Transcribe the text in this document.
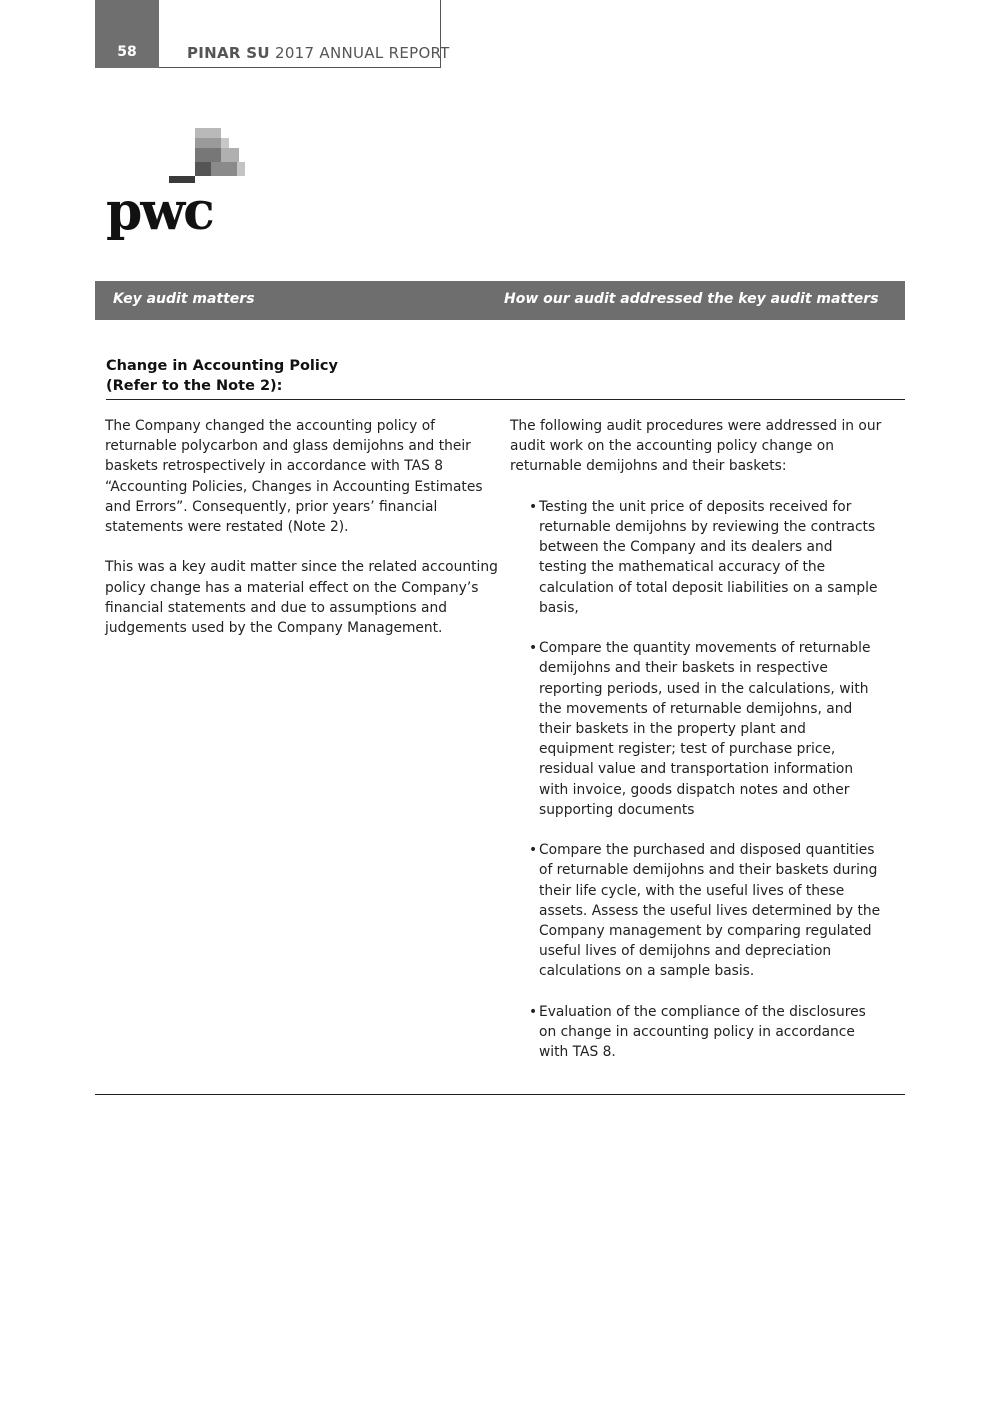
58	PINAR SU 2017 ANNUAL REPORT
pwc
Key audit matters	How our audit addressed the key audit matters
Change in Accounting Policy
(Refer to the Note 2):

The Company changed the accounting policy of returnable polycarbon and glass demijohns and their baskets retrospectively in accordance with TAS 8 “Accounting Policies, Changes in Accounting Estimates and Errors”. Consequently, prior years’ financial statements were restated (Note 2).

This was a key audit matter since the related accounting policy change has a material effect on the Company’s financial statements and due to assumptions and judgements used by the Company Management.

The following audit procedures were addressed in our audit work on the accounting policy change on returnable demijohns and their baskets:

• Testing the unit price of deposits received for returnable demijohns by reviewing the contracts between the Company and its dealers and testing the mathematical accuracy of the calculation of total deposit liabilities on a sample basis,
• Compare the quantity movements of returnable demijohns and their baskets in respective reporting periods, used in the calculations, with the movements of returnable demijohns, and their baskets in the property plant and equipment register; test of purchase price, residual value and transportation information with invoice, goods dispatch notes and other supporting documents
• Compare the purchased and disposed quantities of returnable demijohns and their baskets during their life cycle, with the useful lives of these assets. Assess the useful lives determined by the Company management by comparing regulated useful lives of demijohns and depreciation calculations on a sample basis.
• Evaluation of the compliance of the disclosures on change in accounting policy in accordance with TAS 8.
